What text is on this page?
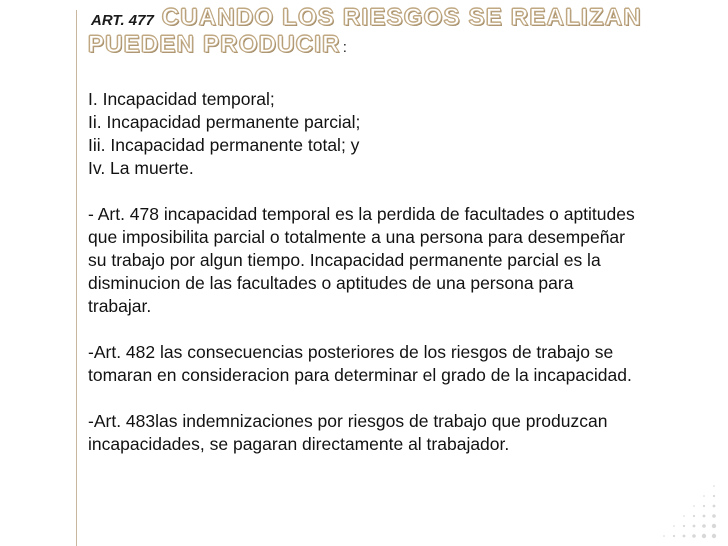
ART. 477 CUANDO LOS RIESGOS SE REALIZAN
PUEDEN PRODUCIR :
I. Incapacidad temporal;
Ii. Incapacidad permanente parcial;
Iii. Incapacidad permanente total; y
Iv. La muerte.
- Art. 478 incapacidad temporal es la perdida de facultades o aptitudes
que imposibilita parcial o totalmente a una persona para desempeñar
su trabajo por algun tiempo. Incapacidad permanente parcial es la
disminucion de las facultades o aptitudes de una persona para
trabajar.
-Art. 482 las consecuencias posteriores de los riesgos de trabajo se
tomaran en consideracion para determinar el grado de la incapacidad.
-Art. 483las indemnizaciones por riesgos de trabajo que produzcan
incapacidades, se pagaran directamente al trabajador.
